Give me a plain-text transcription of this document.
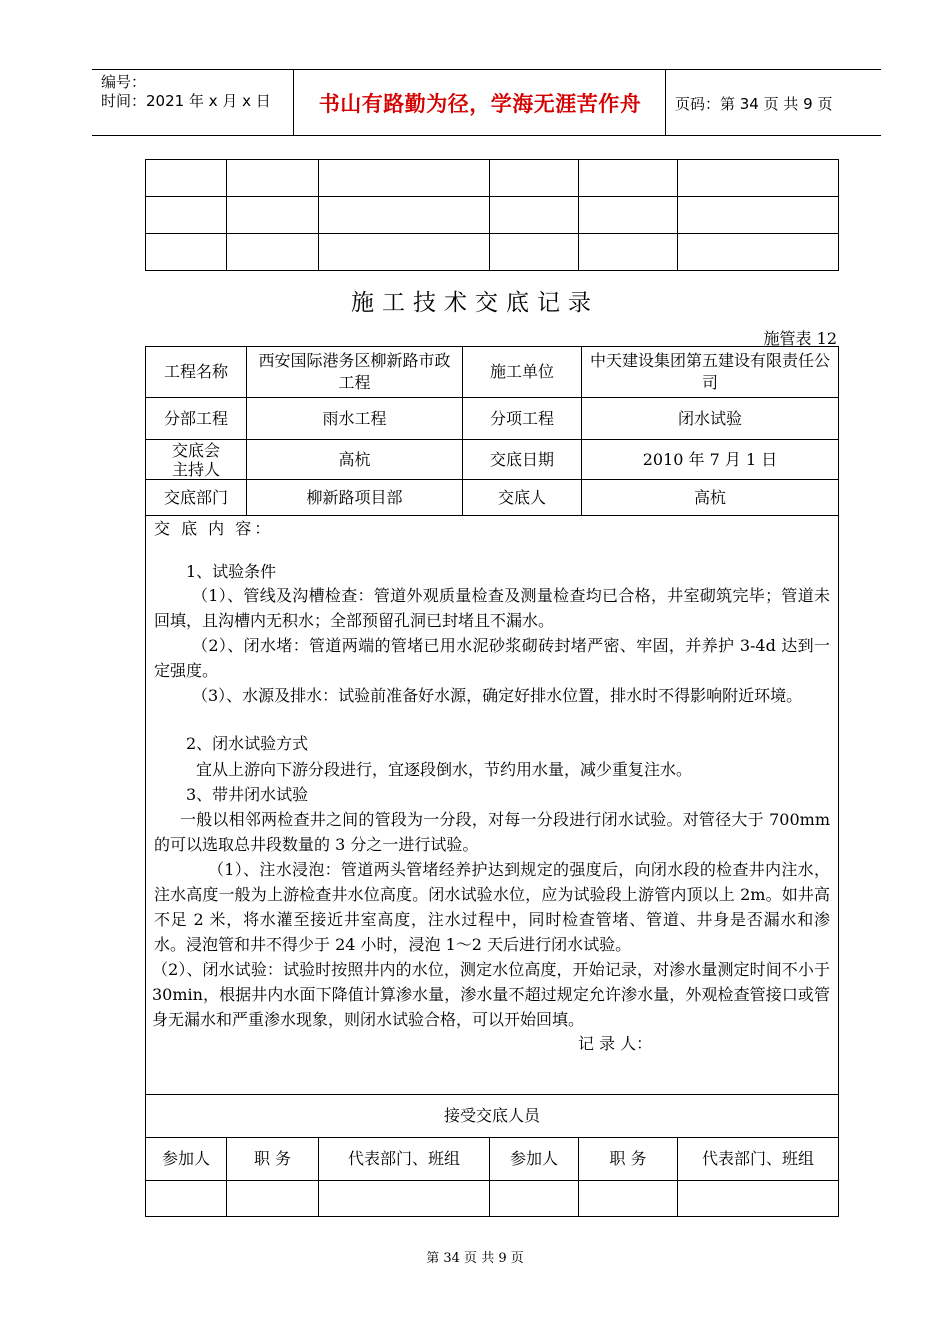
编号：
时间：2021 年 x 月 x 日	书山有路勤为径，学海无涯苦作舟	页码：第 34 页 共 9 页

施工技术交底记录
施管表 12
工程名称	西安国际港务区柳新路市政工程	施工单位	中天建设集团第五建设有限责任公司
分部工程	雨水工程	分项工程	闭水试验
交底会主持人	高杭	交底日期	2010 年 7 月 1 日
交底部门	柳新路项目部	交底人	高杭
交 底 内 容：
1、试验条件
（1）、管线及沟槽检查：管道外观质量检查及测量检查均已合格，井室砌筑完毕；管道未回填，且沟槽内无积水；全部预留孔洞已封堵且不漏水。
（2）、闭水堵：管道两端的管堵已用水泥砂浆砌砖封堵严密、牢固，并养护 3-4d 达到一定强度。
（3）、水源及排水：试验前准备好水源，确定好排水位置，排水时不得影响附近环境。
2、闭水试验方式
宜从上游向下游分段进行，宜逐段倒水，节约用水量，减少重复注水。
3、带井闭水试验
一般以相邻两检查井之间的管段为一分段，对每一分段进行闭水试验。对管径大于 700mm 的可以选取总井段数量的 3 分之一进行试验。
（1）、注水浸泡：管道两头管堵经养护达到规定的强度后，向闭水段的检查井内注水，注水高度一般为上游检查井水位高度。闭水试验水位，应为试验段上游管内顶以上 2m。如井高不足 2 米，将水灌至接近井室高度，注水过程中，同时检查管堵、管道、井身是否漏水和渗水。浸泡管和井不得少于 24 小时，浸泡 1～2 天后进行闭水试验。
（2）、闭水试验：试验时按照井内的水位，测定水位高度，开始记录，对渗水量测定时间不小于 30min，根据井内水面下降值计算渗水量，渗水量不超过规定允许渗水量，外观检查管接口或管身无漏水和严重渗水现象，则闭水试验合格，可以开始回填。
记 录 人：
接受交底人员					
参加人	职 务	代表部门、班组	参加人	职 务	代表部门、班组

第 34 页 共 9 页
